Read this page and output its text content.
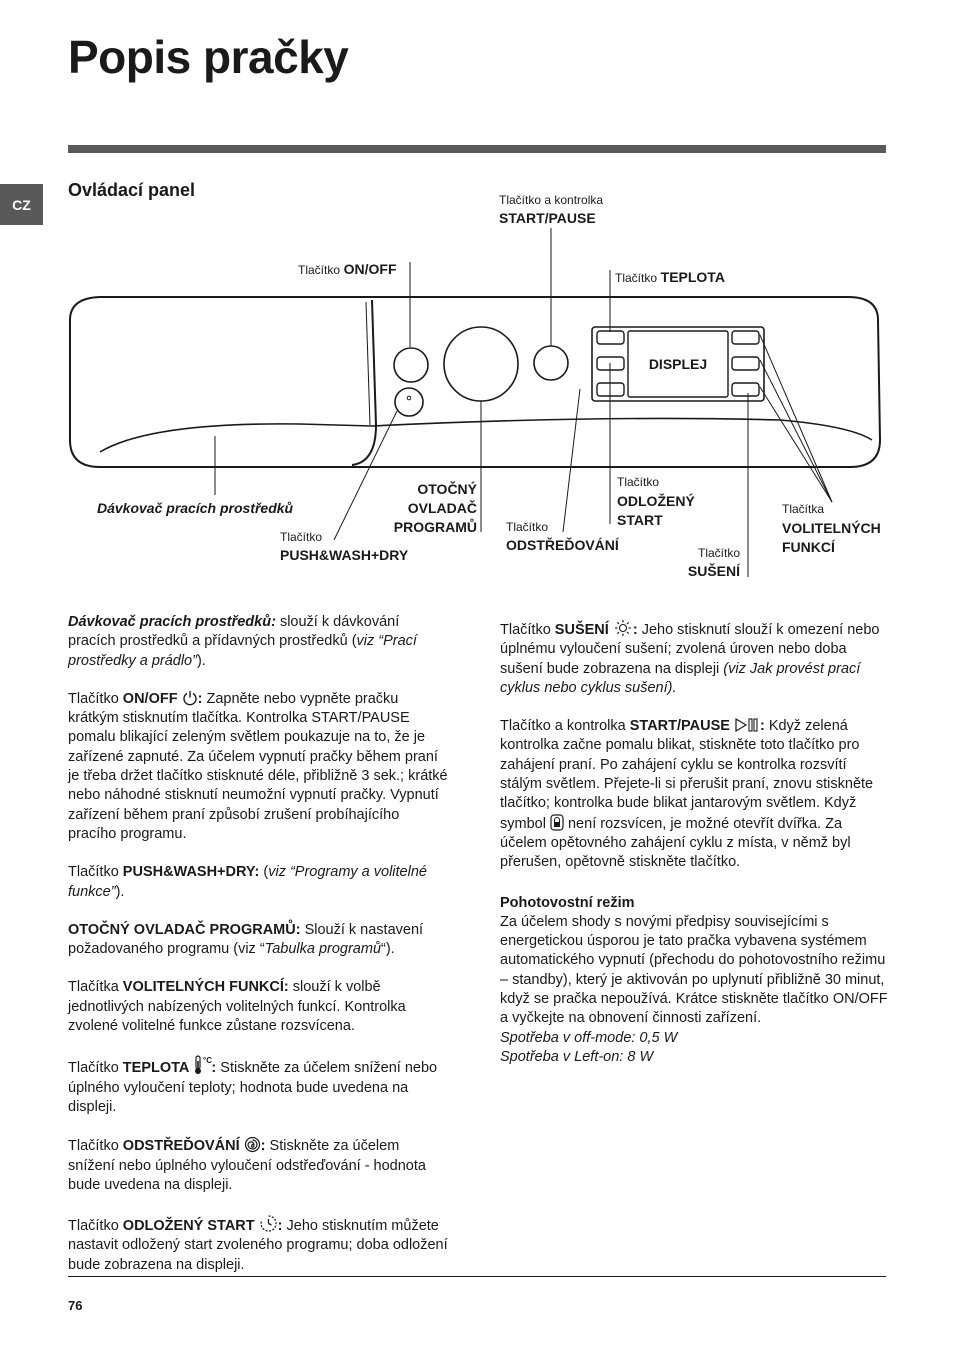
Popis pračky
CZ
Ovládací panel
DISPLEJ
Tlačítko a kontrolka
START/PAUSE
Tlačítko ON/OFF
Tlačítko TEPLOTA
Dávkovač pracích prostředků
OTOČNÝ
OVLADAČ
PROGRAMŮ
Tlačítko
PUSH&WASH+DRY
Tlačítko
ODSTŘEĎOVÁNÍ
Tlačítko
ODLOŽENÝ
START
Tlačítko
SUŠENÍ
Tlačítka
VOLITELNÝCH
FUNKCÍ

Dávkovač pracích prostředků: slouží k dávkování pracích prostředků a přídavných prostředků (viz “Prací prostředky a prádlo”).

Tlačítko ON/OFF : Zapněte nebo vypněte pračku krátkým stisknutím tlačítka. Kontrolka START/PAUSE pomalu blikající zeleným světlem poukazuje na to, že je zařízené zapnuté. Za účelem vypnutí pračky během praní je třeba držet tlačítko stisknuté déle, přibližně 3 sek.; krátké nebo náhodné stisknutí neumožní vypnutí pračky. Vypnutí zařízení během praní způsobí zrušení probíhajícího pracího programu.

Tlačítko PUSH&WASH+DRY: (viz “Programy a volitelné funkce”).

OTOČNÝ OVLADAČ PROGRAMŮ: Slouží k nastavení požadovaného programu (viz “Tabulka programů“).

Tlačítka VOLITELNÝCH FUNKCÍ: slouží k volbě jednotlivých nabízených volitelných funkcí. Kontrolka zvolené volitelné funkce zůstane rozsvícena.

Tlačítko TEPLOTA °C : Stiskněte za účelem snížení nebo úplného vyloučení teploty; hodnota bude uvedena na displeji.

Tlačítko ODSTŘEĎOVÁNÍ : Stiskněte za účelem snížení nebo úplného vyloučení odstřeďování - hodnota bude uvedena na displeji.

Tlačítko ODLOŽENÝ START : Jeho stisknutím můžete nastavit odložený start zvoleného programu; doba odložení bude zobrazena na displeji.

Tlačítko SUŠENÍ : Jeho stisknutí slouží k omezení nebo úplnému vyloučení sušení; zvolená úroven nebo doba sušení bude zobrazena na displeji (viz Jak provést prací cyklus nebo cyklus sušení).

Tlačítko a kontrolka START/PAUSE : Když zelená kontrolka začne pomalu blikat, stiskněte toto tlačítko pro zahájení praní. Po zahájení cyklu se kontrolka rozsvítí stálým světlem. Přejete-li si přerušit praní, znovu stiskněte tlačítko; kontrolka bude blikat jantarovým světlem. Když symbol  není rozsvícen, je možné otevřít dvířka. Za účelem opětovného zahájení cyklu z místa, v němž byl přerušen, opětovně stiskněte tlačítko.

Pohotovostní režim
Za účelem shody s novými předpisy souvisejícími s energetickou úsporou je tato pračka vybavena systémem automatického vypnutí (přechodu do pohotovostního režimu – standby), který je aktivován po uplynutí přibližně 30 minut, když se pračka nepoužívá. Krátce stiskněte tlačítko ON/OFF a vyčkejte na obnovení činnosti zařízení.
Spotřeba v off-mode: 0,5 W
Spotřeba v Left-on: 8 W

76
